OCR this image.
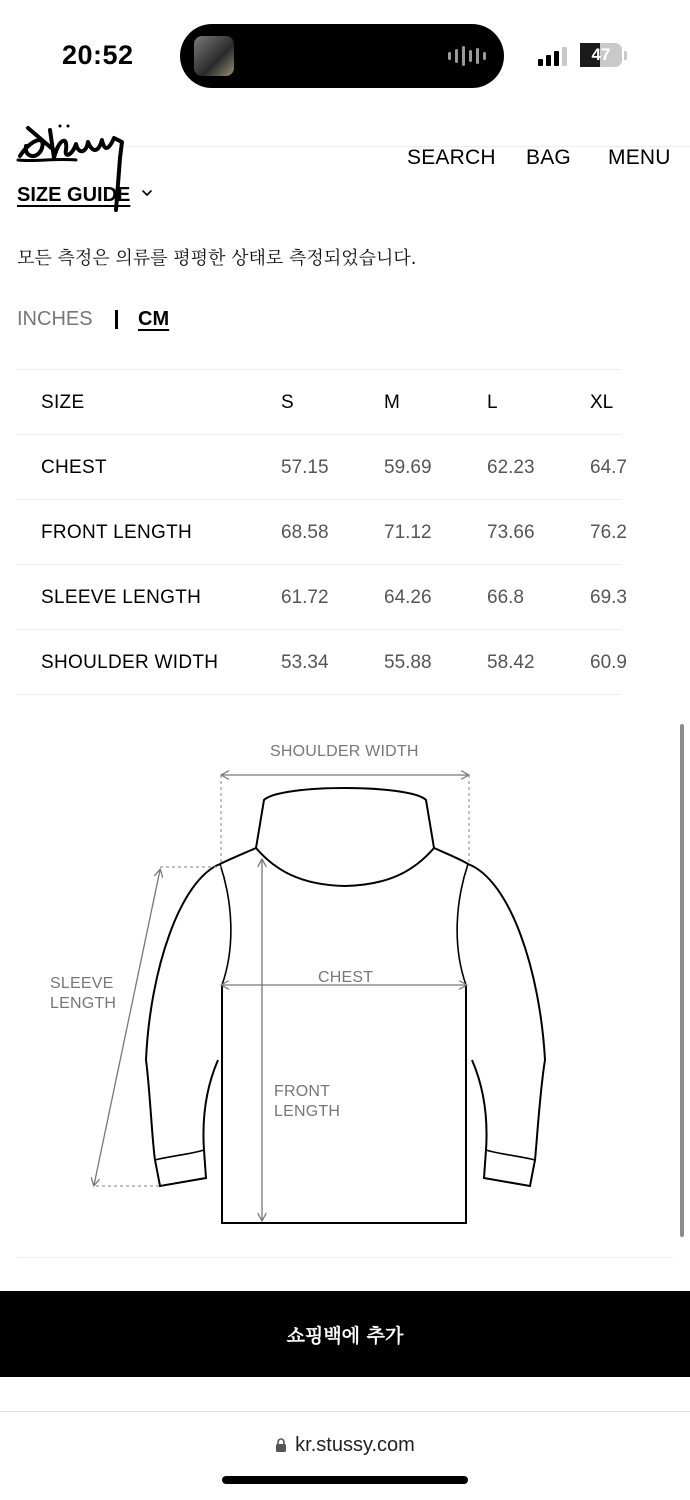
20:52	47
SEARCH BAG MENU
SIZE GUIDE
모든 측정은 의류를 평평한 상태로 측정되었습니다.
INCHES CM
SIZE	S	M	L	XL
CHEST	57.15	59.69	62.23	64.7
FRONT LENGTH	68.58	71.12	73.66	76.2
SLEEVE LENGTH	61.72	64.26	66.8	69.3
SHOULDER WIDTH	53.34	55.88	58.42	60.9
SHOULDER WIDTH
SLEEVE
LENGTH
CHEST
FRONT
LENGTH
쇼핑백에 추가
kr.stussy.com
